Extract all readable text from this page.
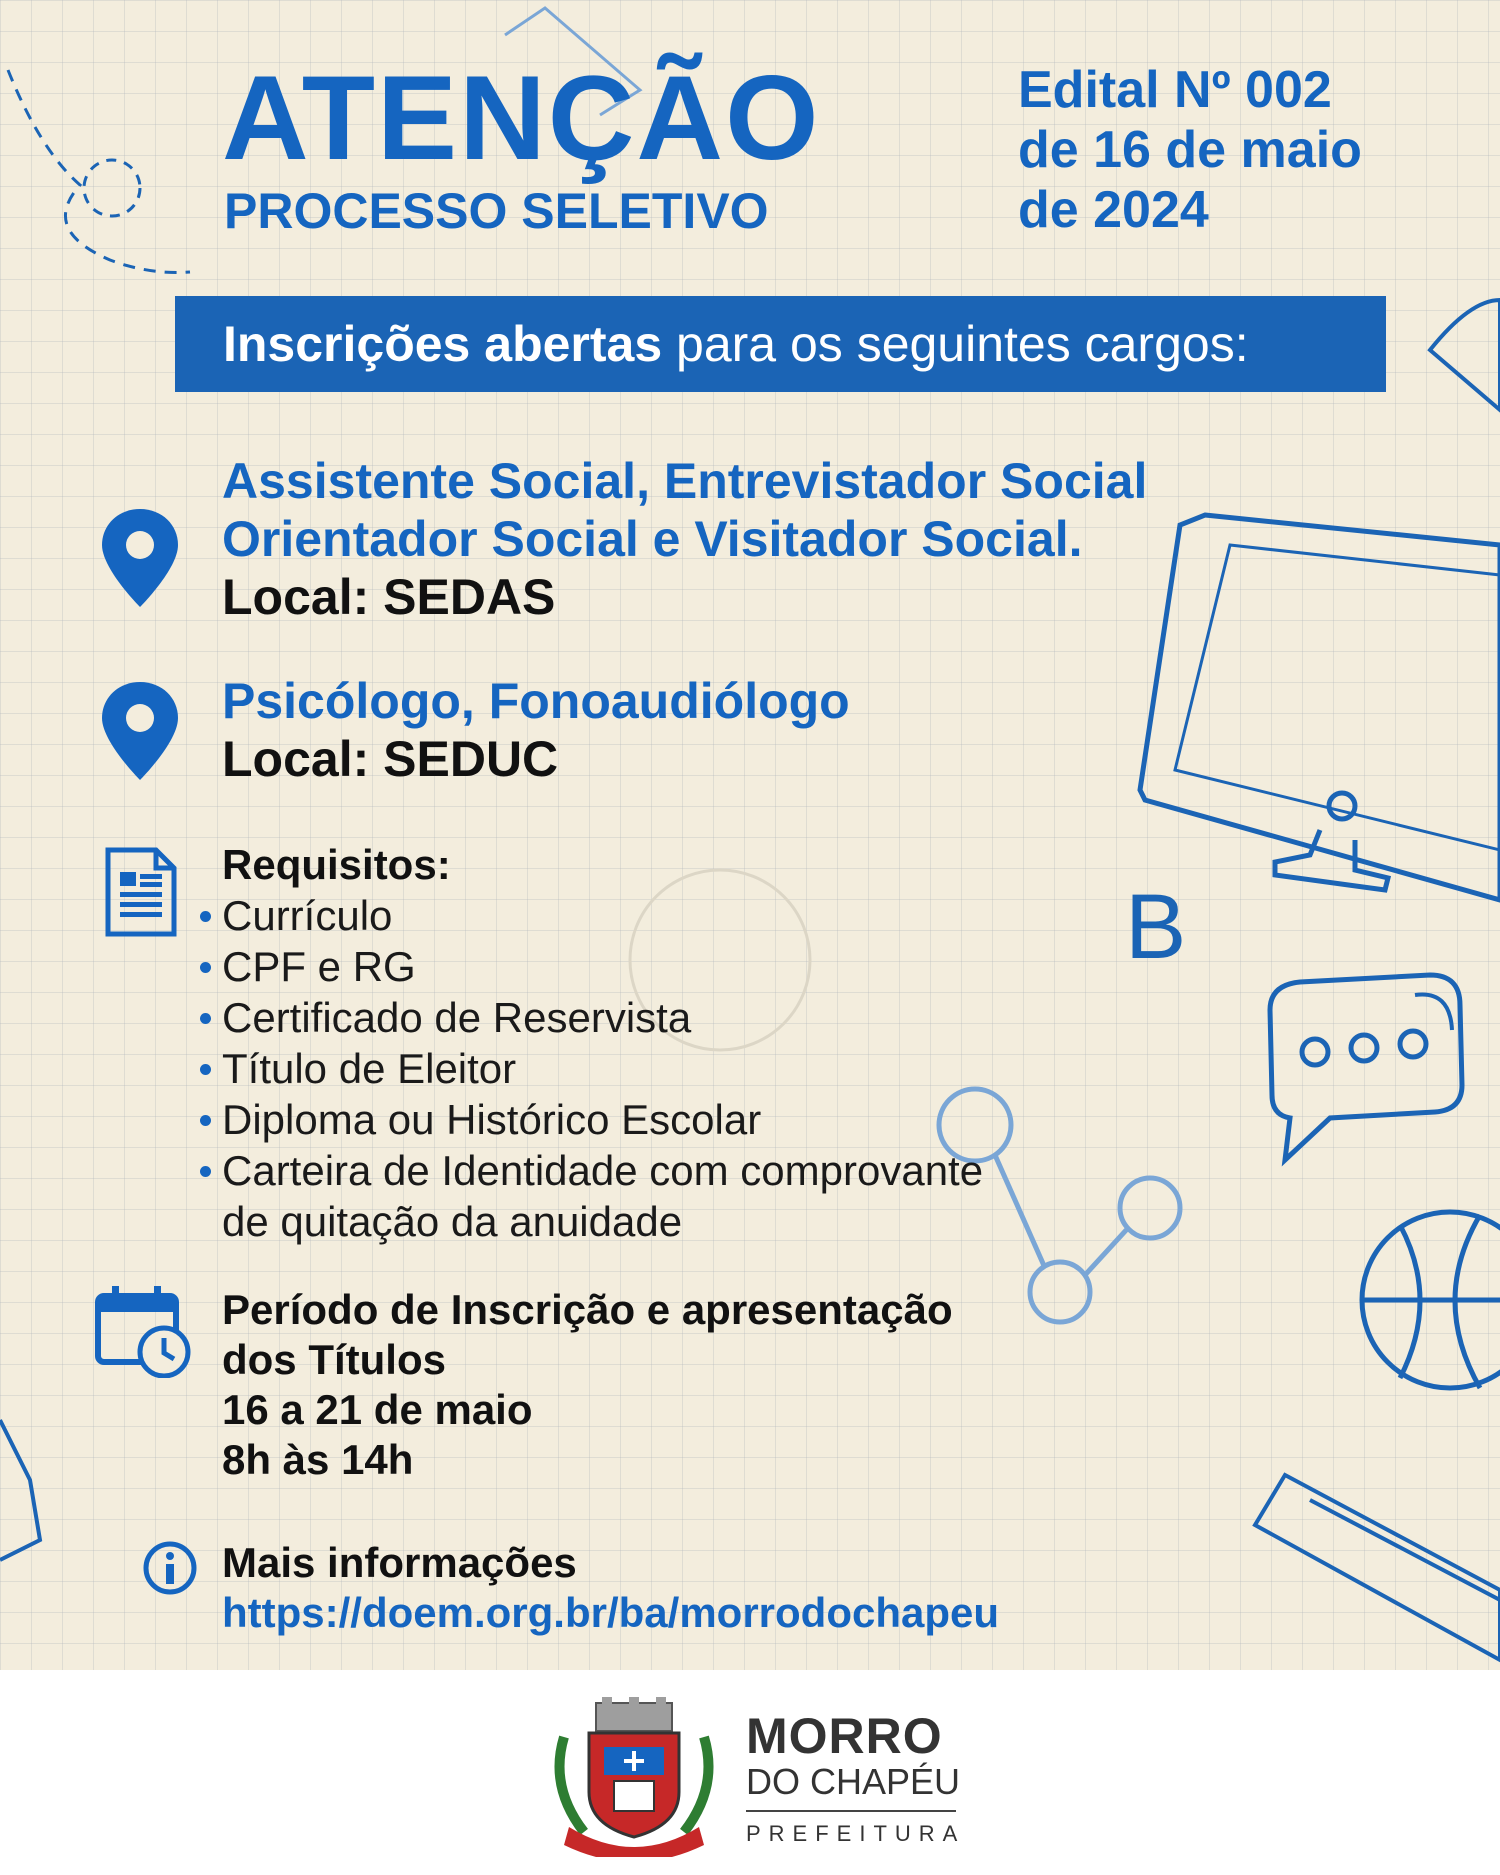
B
ATENÇÃO
PROCESSO SELETIVO
Edital Nº 002
de 16 de maio
de 2024
Inscrições abertas para os seguintes cargos:
Assistente Social, Entrevistador Social
Orientador Social e Visitador Social.
Local: SEDAS
Psicólogo, Fonoaudiólogo
Local: SEDUC
Requisitos:
Currículo
CPF e RG
Certificado de Reservista
Título de Eleitor
Diploma ou Histórico Escolar
Carteira de Identidade com comprovante
de quitação da anuidade
Período de Inscrição e apresentação
dos Títulos
16 a 21 de maio
8h às 14h
Mais informações
https://doem.org.br/ba/morrodochapeu
MORRO
DO CHAPÉU
PREFEITURA
